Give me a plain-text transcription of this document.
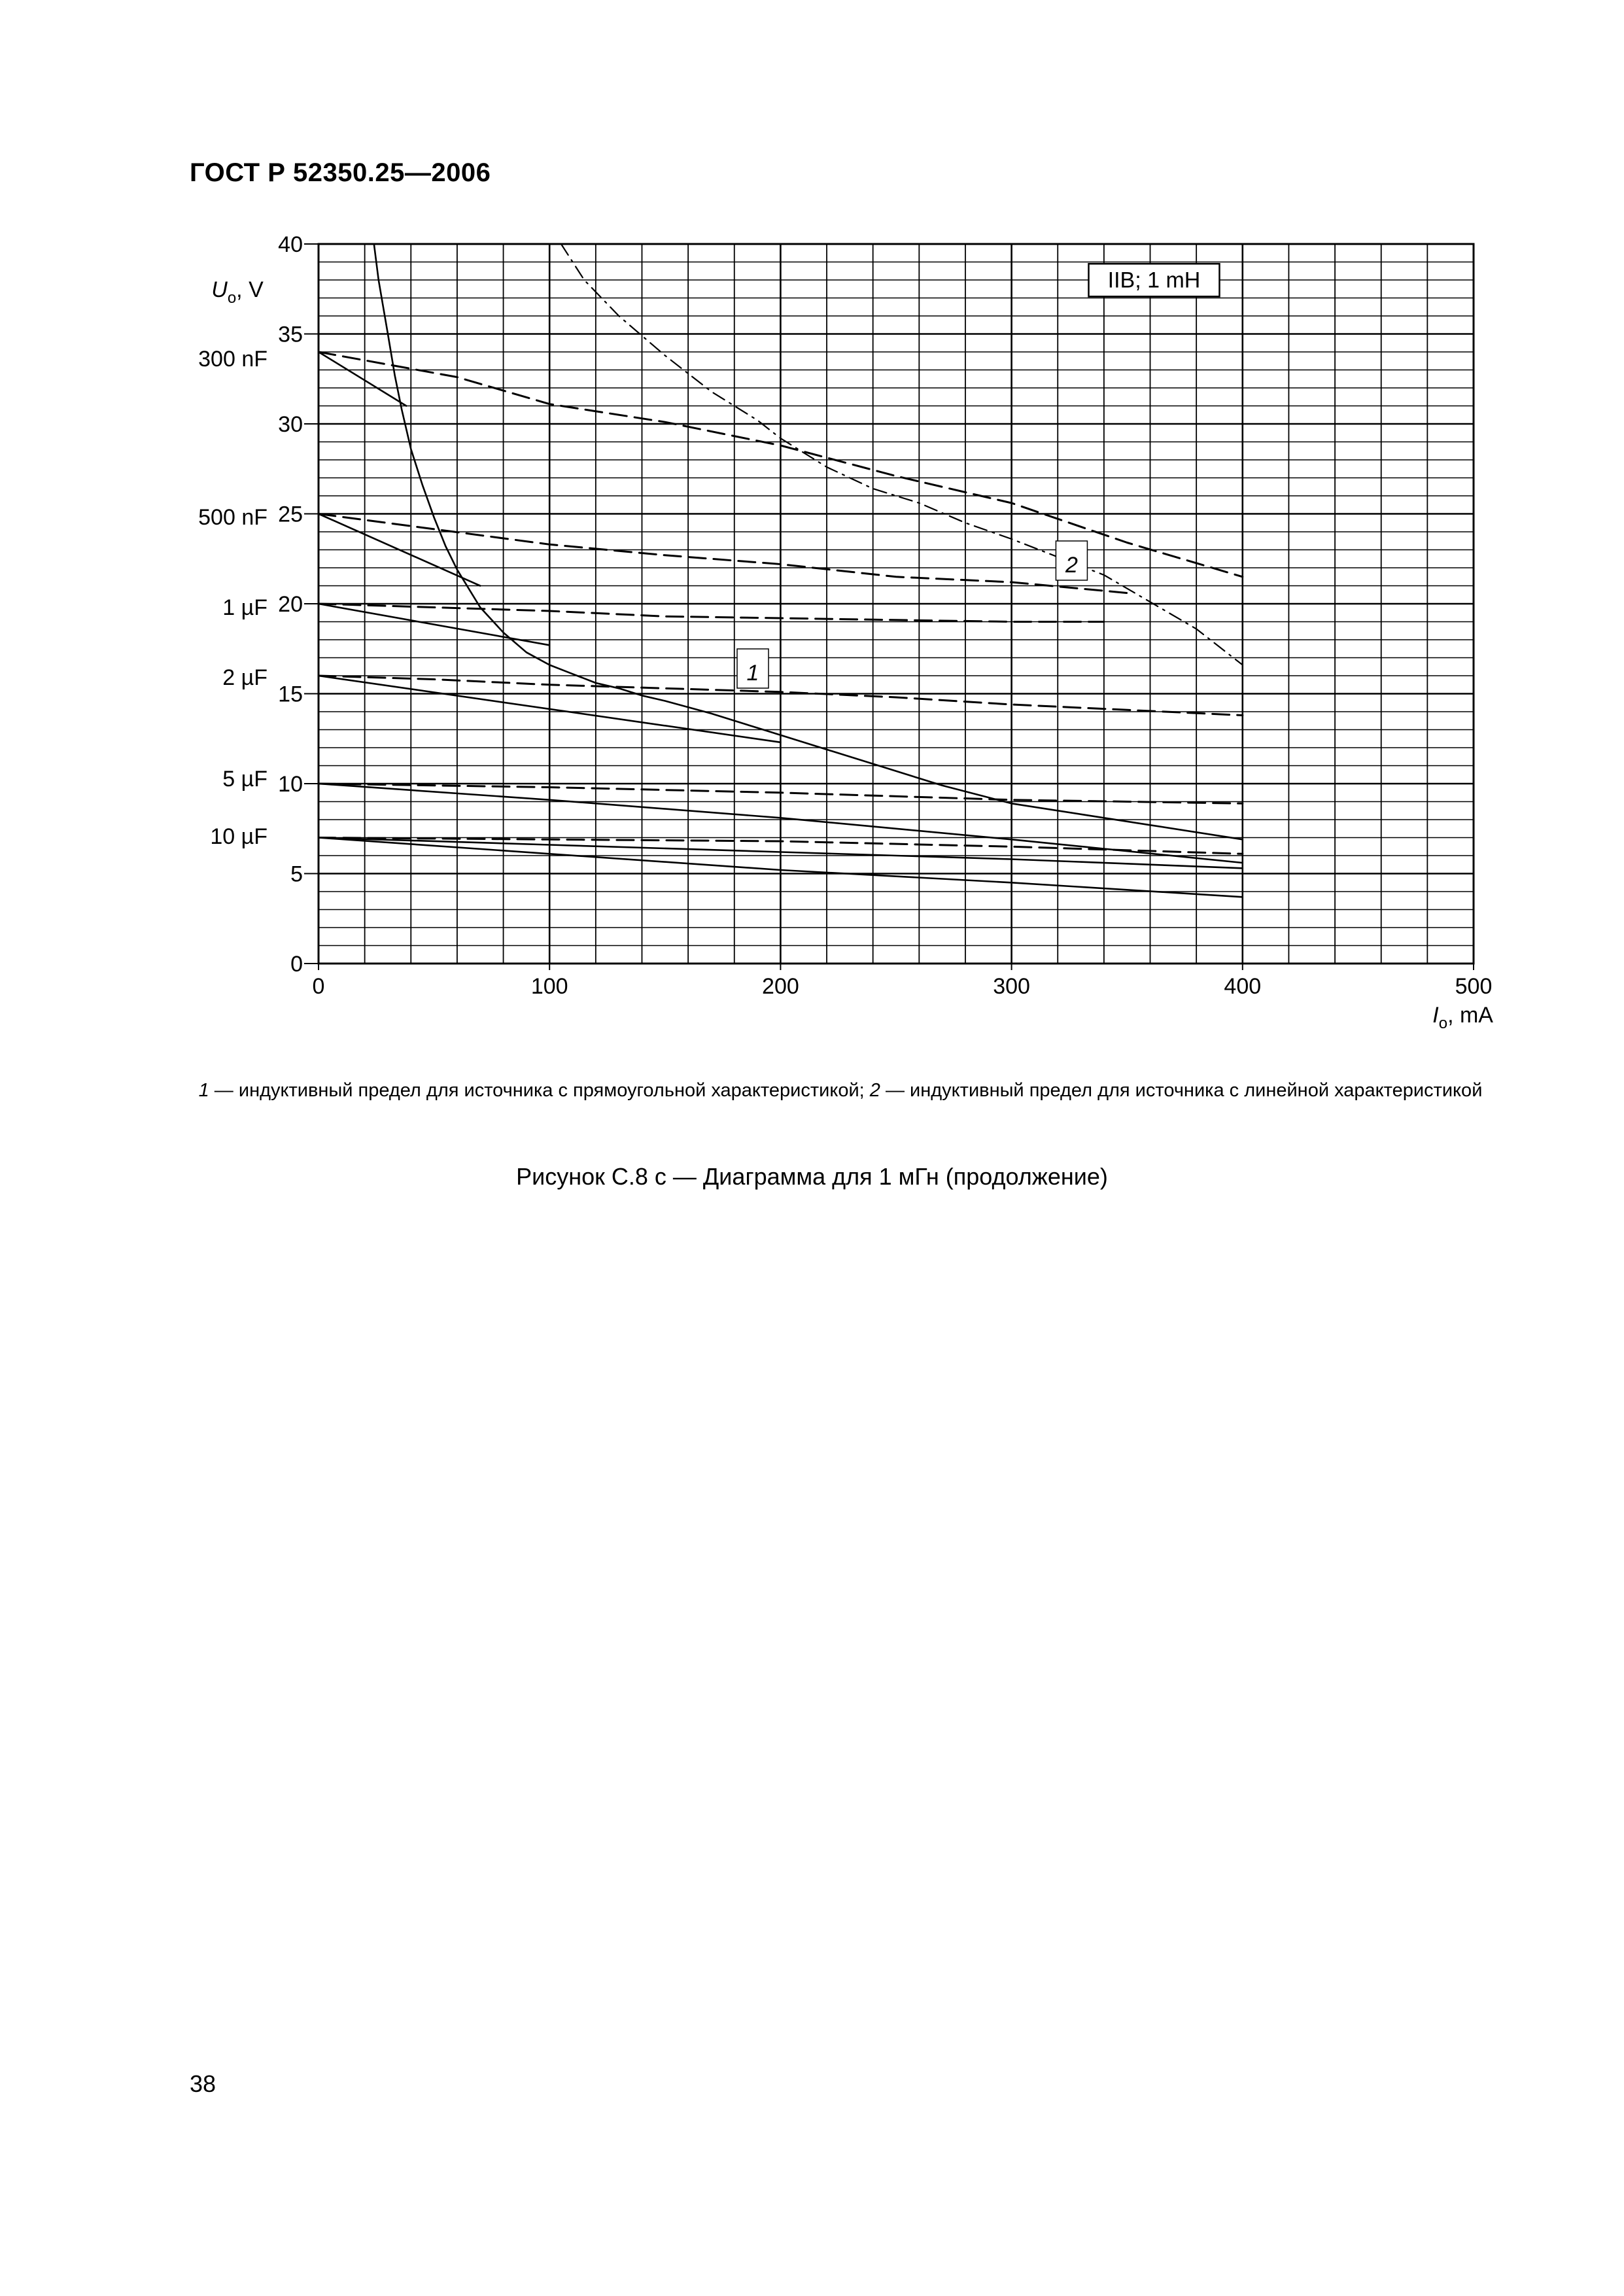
ГОСТ Р 52350.25—2006
0	100	200	300	400	500
0
5
10
15
20
25
30
35
40
IIB; 1 mH
1
2
300 nF
500 nF
1 µF
2 µF
5 µF
10 µF
$U_o$, V
$I_o$, mA
1 — индуктивный предел для источника с прямоугольной характеристикой; 2 — индуктивный предел для источника с линейной характеристикой
Рисунок С.8 с — Диаграмма для 1 мГн (продолжение)
38
